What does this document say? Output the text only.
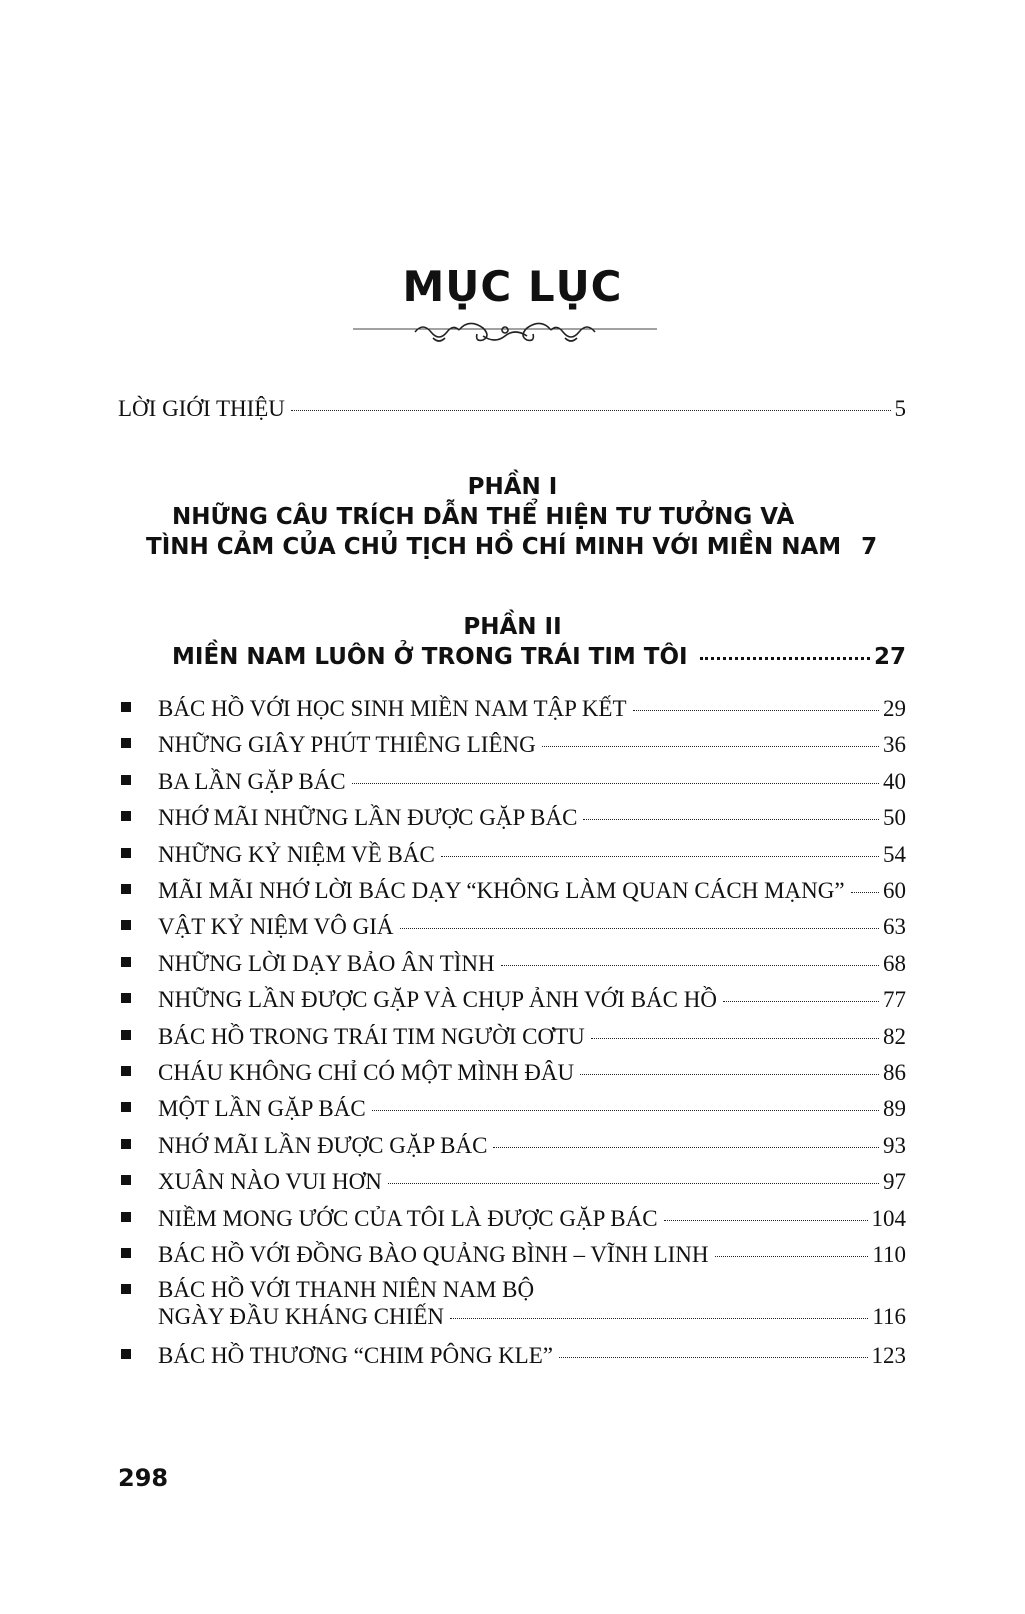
MỤC LỤC
LỜI GIỚI THIỆU	5
PHẦN I
NHỮNG CÂU TRÍCH DẪN THỂ HIỆN TƯ TƯỞNG VÀ
TÌNH CẢM CỦA CHỦ TỊCH HỒ CHÍ MINH VỚI MIỀN NAM 7
PHẦN II
MIỀN NAM LUÔN Ở TRONG TRÁI TIM TÔI	27
BÁC HỒ VỚI HỌC SINH MIỀN NAM TẬP KẾT	29
NHỮNG GIÂY PHÚT THIÊNG LIÊNG	36
BA LẦN GẶP BÁC	40
NHỚ MÃI NHỮNG LẦN ĐƯỢC GẶP BÁC	50
NHỮNG KỶ NIỆM VỀ BÁC	54
MÃI MÃI NHỚ LỜI BÁC DẠY “KHÔNG LÀM QUAN CÁCH MẠNG” 60
VẬT KỶ NIỆM VÔ GIÁ	63
NHỮNG LỜI DẠY BẢO ÂN TÌNH	68
NHỮNG LẦN ĐƯỢC GẶP VÀ CHỤP ẢNH VỚI BÁC HỒ	77
BÁC HỒ TRONG TRÁI TIM NGƯỜI CƠTU	82
CHÁU KHÔNG CHỈ CÓ MỘT MÌNH ĐÂU	86
MỘT LẦN GẶP BÁC	89
NHỚ MÃI LẦN ĐƯỢC GẶP BÁC	93
XUÂN NÀO VUI HƠN	97
NIỀM MONG ƯỚC CỦA TÔI LÀ ĐƯỢC GẶP BÁC	104
BÁC HỒ VỚI ĐỒNG BÀO QUẢNG BÌNH – VĨNH LINH	110
BÁC HỒ VỚI THANH NIÊN NAM BỘ
NGÀY ĐẦU KHÁNG CHIẾN	116
BÁC HỒ THƯƠNG “CHIM PÔNG KLE”	123
298
